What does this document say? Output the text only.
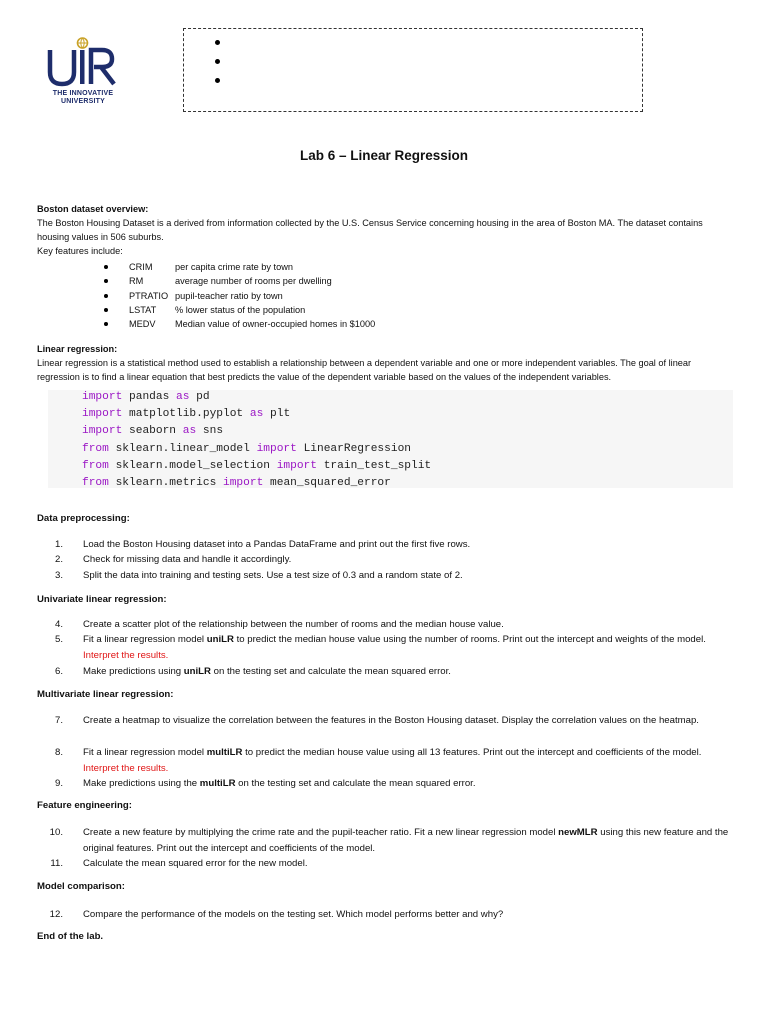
THE INNOVATIVE
UNIVERSITY
Lab 6 – Linear Regression
Boston dataset overview:
The Boston Housing Dataset is a derived from information collected by the U.S. Census Service concerning housing in the area of Boston MA. The dataset contains housing values in 506 suburbs.
Key features include:
CRIM per capita crime rate by town
RM	average number of rooms per dwelling
PTRATIO pupil-teacher ratio by town
LSTAT % lower status of the population
MEDV Median value of owner-occupied homes in $1000
Linear regression:
Linear regression is a statistical method used to establish a relationship between a dependent variable and one or more independent variables. The goal of linear regression is to find a linear equation that best predicts the value of the dependent variable based on the values of the independent variables.
import pandas as pd
import matplotlib.pyplot as plt
import seaborn as sns
from sklearn.linear_model import LinearRegression
from sklearn.model_selection import train_test_split
from sklearn.metrics import mean_squared_error
Data preprocessing:
1. Load the Boston Housing dataset into a Pandas DataFrame and print out the first five rows.
2. Check for missing data and handle it accordingly.
3. Split the data into training and testing sets. Use a test size of 0.3 and a random state of 2.
Univariate linear regression:
4. Create a scatter plot of the relationship between the number of rooms and the median house value.
5. Fit a linear regression model uniLR to predict the median house value using the number of rooms. Print out the intercept and weights of the model. Interpret the results.
6. Make predictions using uniLR on the testing set and calculate the mean squared error.
Multivariate linear regression:
7. Create a heatmap to visualize the correlation between the features in the Boston Housing dataset. Display the correlation values on the heatmap.
8. Fit a linear regression model multiLR to predict the median house value using all 13 features. Print out the intercept and coefficients of the model. Interpret the results.
9. Make predictions using the multiLR on the testing set and calculate the mean squared error.
Feature engineering:
10. Create a new feature by multiplying the crime rate and the pupil-teacher ratio. Fit a new linear regression model newMLR using this new feature and the original features. Print out the intercept and coefficients of the model.
11. Calculate the mean squared error for the new model.
Model comparison:
12. Compare the performance of the models on the testing set. Which model performs better and why?
End of the lab.
